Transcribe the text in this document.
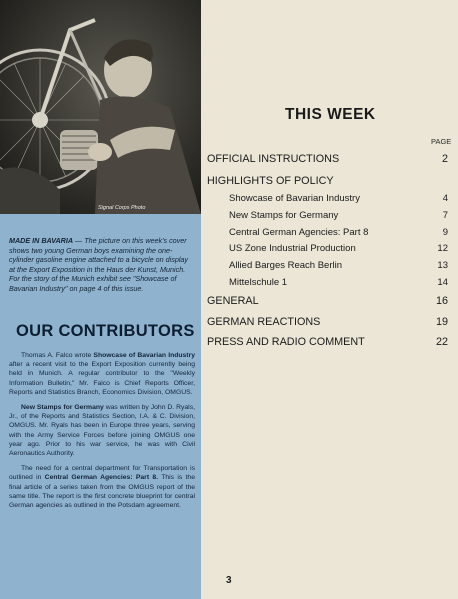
Signal Corps Photo
MADE IN BAVARIA — The picture on this week's cover shows two young German boys examining the one-cylinder gasoline engine attached to a bicycle on display at the Export Exposition in the Haus der Kunst, Munich. For the story of the Munich exhibit see "Showcase of Bavarian Industry" on page 4 of this issue.
OUR CONTRIBUTORS

Thomas A. Falco wrote Showcase of Bavarian Industry after a recent visit to the Export Exposition currently being held in Munich. A regular contributor to the "Weekly Information Bulletin," Mr. Falco is Chief Reports Officer, Reports and Statistics Branch, Economics Division, OMGUS.

New Stamps for Germany was written by John D. Ryals, Jr., of the Reports and Statistics Section, I.A. & C. Division, OMGUS. Mr. Ryals has been in Europe three years, serving with the Army Service Forces before joining OMGUS one year ago. Prior to his war service, he was with Civil Aeronautics Authority.

The need for a central department for Transportation is outlined in Central German Agencies: Part 8. This is the final article of a series taken from the OMGUS report of the same title. The report is the first concrete blueprint for central German agencies as outlined in the Potsdam agreement.

THIS WEEK
PAGE
OFFICIAL INSTRUCTIONS	2
HIGHLIGHTS OF POLICY
Showcase of Bavarian Industry	4
New Stamps for Germany	7
Central German Agencies: Part 8	9
US Zone Industrial Production	12
Allied Barges Reach Berlin	13
Mittelschule 1	14
GENERAL	16
GERMAN REACTIONS	19
PRESS AND RADIO COMMENT	22
3
